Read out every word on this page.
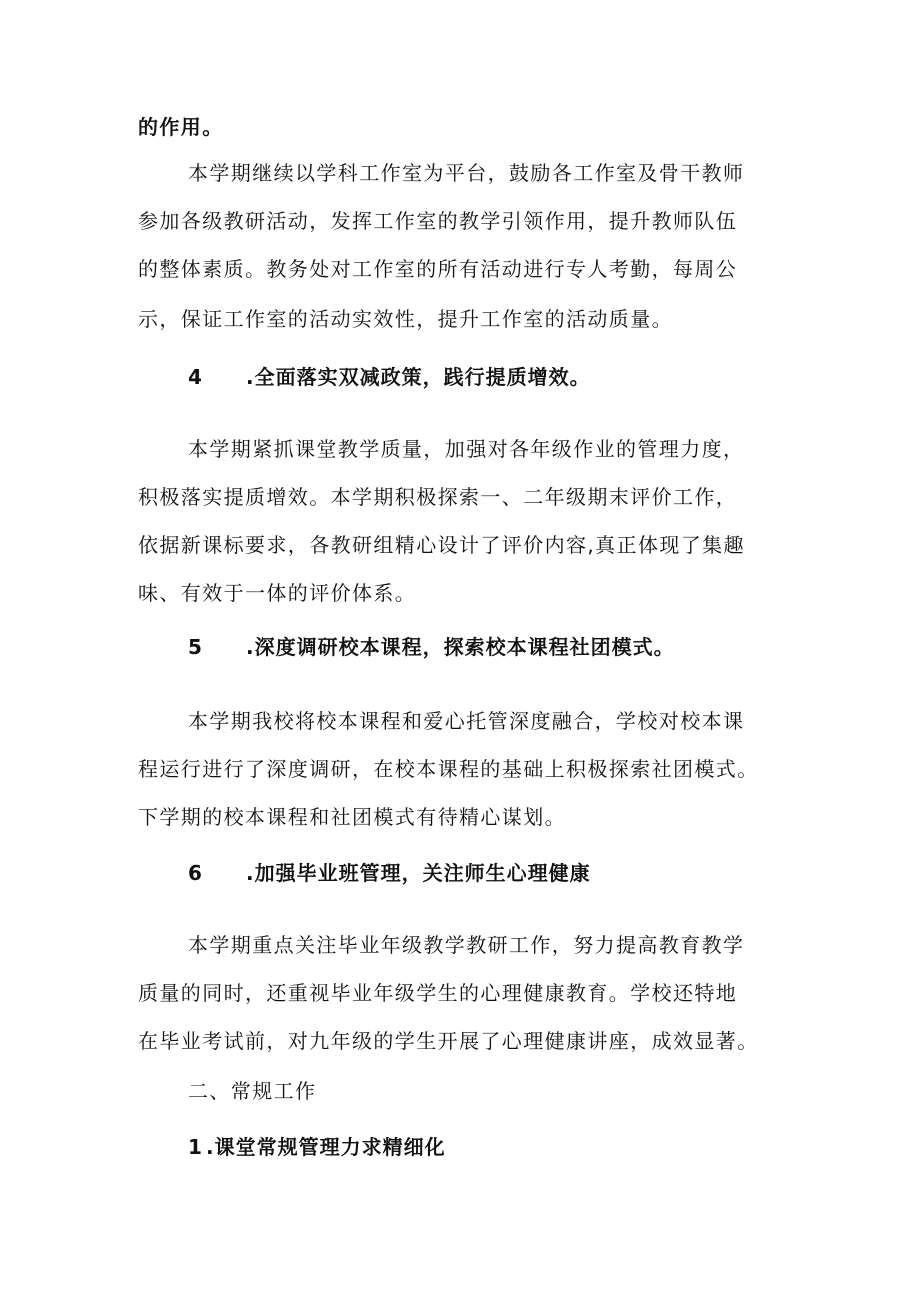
的作用。
本学期继续以学科工作室为平台，鼓励各工作室及骨干教师
参加各级教研活动，发挥工作室的教学引领作用，提升教师队伍
的整体素质。教务处对工作室的所有活动进行专人考勤，每周公
示，保证工作室的活动实效性，提升工作室的活动质量。
4 .全面落实双减政策，践行提质增效。
本学期紧抓课堂教学质量，加强对各年级作业的管理力度，
积极落实提质增效。本学期积极探索一、二年级期末评价工作，
依据新课标要求，各教研组精心设计了评价内容,真正体现了集趣
味、有效于一体的评价体系。
5 .深度调研校本课程，探索校本课程社团模式。
本学期我校将校本课程和爱心托管深度融合，学校对校本课
程运行进行了深度调研，在校本课程的基础上积极探索社团模式。
下学期的校本课程和社团模式有待精心谋划。
6 .加强毕业班管理，关注师生心理健康
本学期重点关注毕业年级教学教研工作，努力提高教育教学
质量的同时，还重视毕业年级学生的心理健康教育。学校还特地
在毕业考试前，对九年级的学生开展了心理健康讲座，成效显著。
二、常规工作
1 .课堂常规管理力求精细化
